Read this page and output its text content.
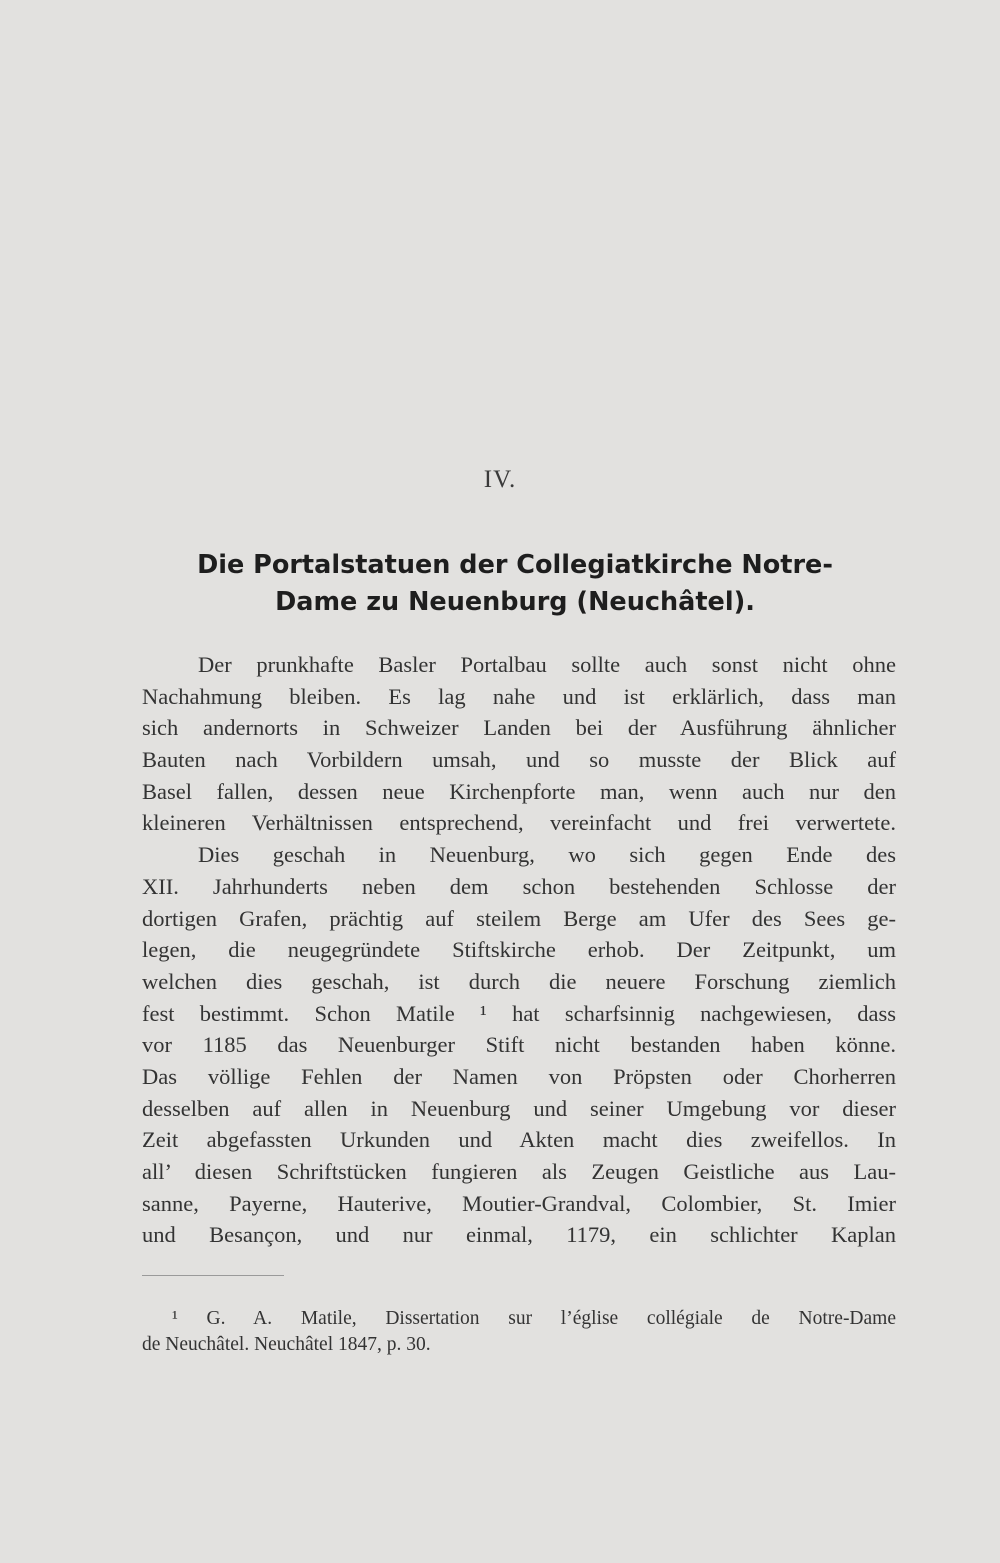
IV.
Die Portalstatuen der Collegiatkirche Notre-
Dame zu Neuenburg (Neuchâtel).
Der prunkhafte Basler Portalbau sollte auch sonst nicht ohne
Nachahmung bleiben. Es lag nahe und ist erklärlich, dass man
sich andernorts in Schweizer Landen bei der Ausführung ähnlicher
Bauten nach Vorbildern umsah, und so musste der Blick auf
Basel fallen, dessen neue Kirchenpforte man, wenn auch nur den
kleineren Verhältnissen entsprechend, vereinfacht und frei verwertete.
Dies geschah in Neuenburg, wo sich gegen Ende des
XII. Jahrhunderts neben dem schon bestehenden Schlosse der
dortigen Grafen, prächtig auf steilem Berge am Ufer des Sees ge-
legen, die neugegründete Stiftskirche erhob. Der Zeitpunkt, um
welchen dies geschah, ist durch die neuere Forschung ziemlich
fest bestimmt. Schon Matile ¹ hat scharfsinnig nachgewiesen, dass
vor 1185 das Neuenburger Stift nicht bestanden haben könne.
Das völlige Fehlen der Namen von Pröpsten oder Chorherren
desselben auf allen in Neuenburg und seiner Umgebung vor dieser
Zeit abgefassten Urkunden und Akten macht dies zweifellos. In
all’ diesen Schriftstücken fungieren als Zeugen Geistliche aus Lau-
sanne, Payerne, Hauterive, Moutier-Grandval, Colombier, St. Imier
und Besançon, und nur einmal, 1179, ein schlichter Kaplan
¹ G. A. Matile, Dissertation sur l’église collégiale de Notre-Dame
de Neuchâtel. Neuchâtel 1847, p. 30.
